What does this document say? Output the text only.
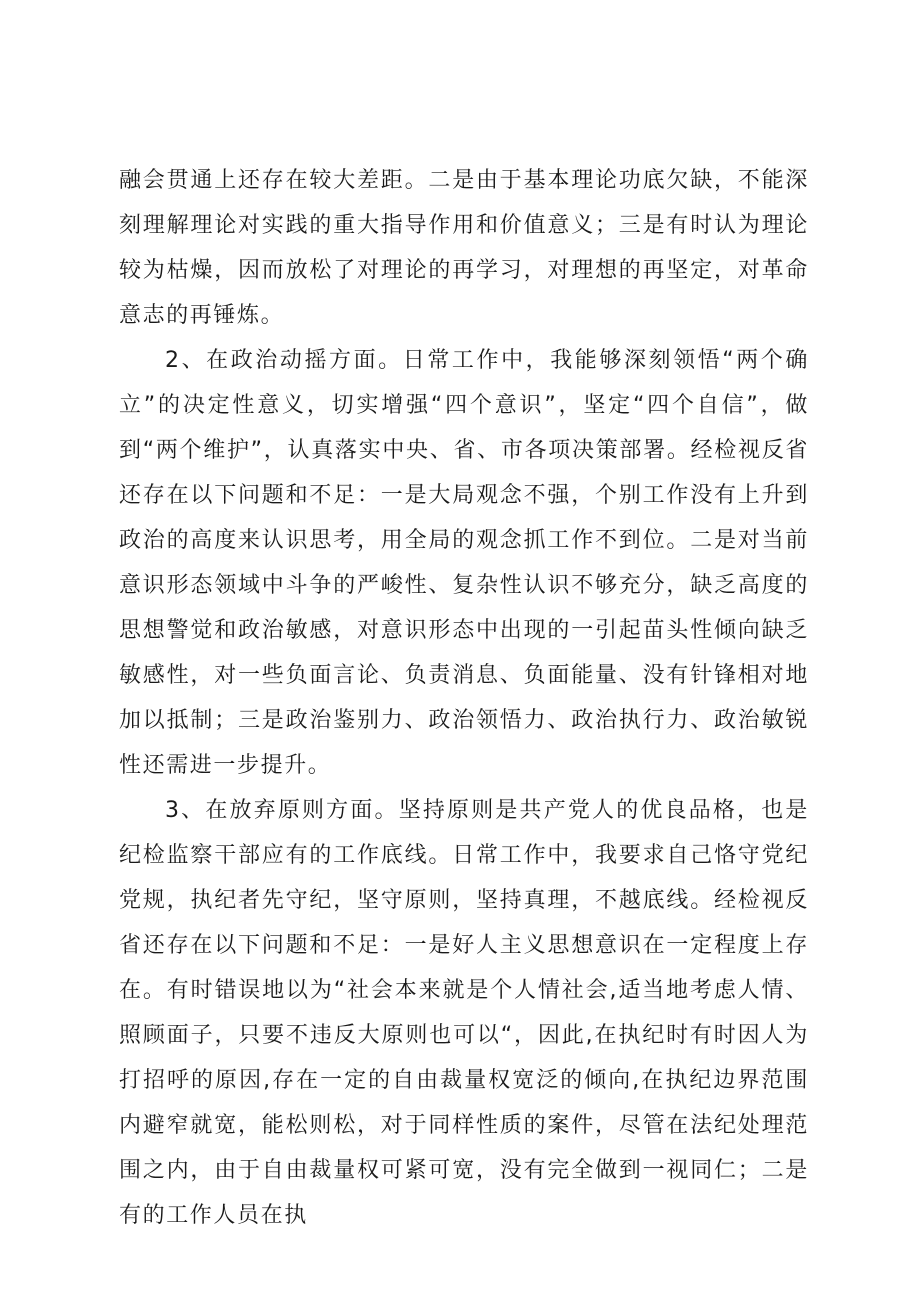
融会贯通上还存在较大差距。二是由于基本理论功底欠缺，不能深刻理解理论对实践的重大指导作用和价值意义；三是有时认为理论较为枯燥，因而放松了对理论的再学习，对理想的再坚定，对革命意志的再锤炼。

2、在政治动摇方面。日常工作中，我能够深刻领悟“两个确立”的决定性意义，切实增强“四个意识”，坚定“四个自信”，做到“两个维护”，认真落实中央、省、市各项决策部署。经检视反省还存在以下问题和不足：一是大局观念不强，个别工作没有上升到政治的高度来认识思考，用全局的观念抓工作不到位。二是对当前意识形态领域中斗争的严峻性、复杂性认识不够充分，缺乏高度的思想警觉和政治敏感，对意识形态中出现的一引起苗头性倾向缺乏敏感性，对一些负面言论、负责消息、负面能量、没有针锋相对地加以抵制；三是政治鉴别力、政治领悟力、政治执行力、政治敏锐性还需进一步提升。

3、在放弃原则方面。坚持原则是共产党人的优良品格，也是纪检监察干部应有的工作底线。日常工作中，我要求自己恪守党纪党规，执纪者先守纪，坚守原则，坚持真理，不越底线。经检视反省还存在以下问题和不足：一是好人主义思想意识在一定程度上存在。有时错误地以为“社会本来就是个人情社会,适当地考虑人情、照顾面子，只要不违反大原则也可以“，因此,在执纪时有时因人为打招呼的原因,存在一定的自由裁量权宽泛的倾向,在执纪边界范围内避窄就宽，能松则松，对于同样性质的案件，尽管在法纪处理范围之内，由于自由裁量权可紧可宽，没有完全做到一视同仁；二是有的工作人员在执
